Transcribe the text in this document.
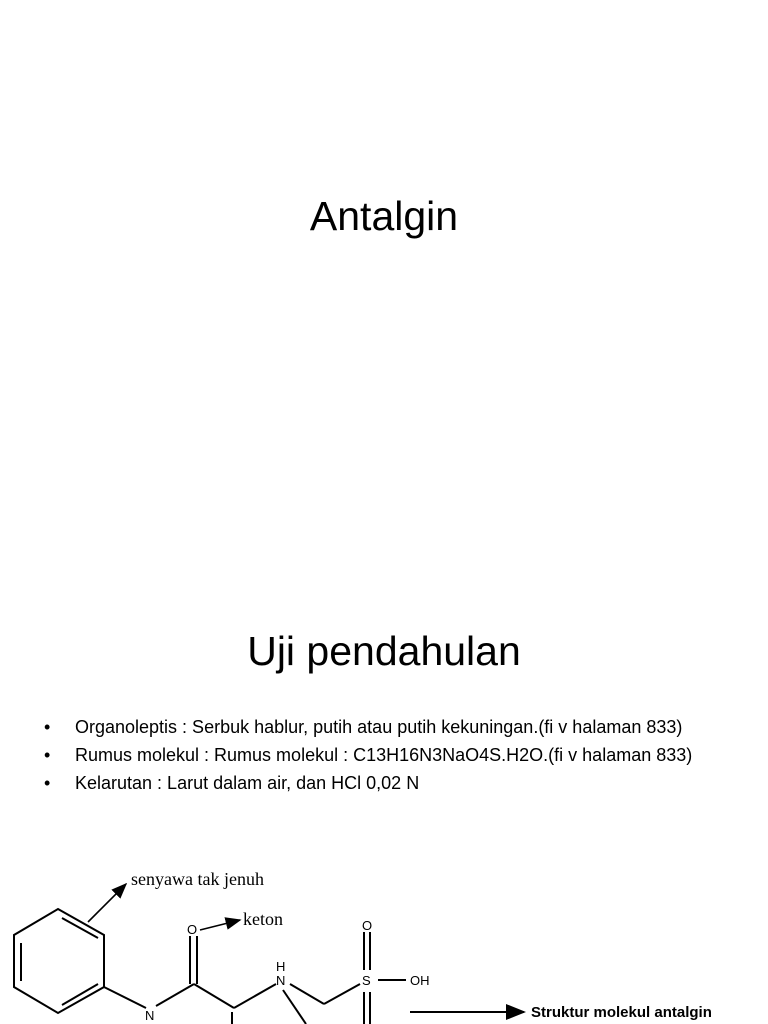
Antalgin
Uji pendahulan
• Organoleptis : Serbuk hablur, putih atau putih kekuningan.(fi v halaman 833)
• Rumus molekul : Rumus molekul : C13H16N3NaO4S.H2O.(fi v halaman 833)
• Kelarutan : Larut dalam air, dan HCl 0,02 N
N
O
H
N
O
S	OH
senyawa tak jenuh
keton
Struktur molekul antalgin
